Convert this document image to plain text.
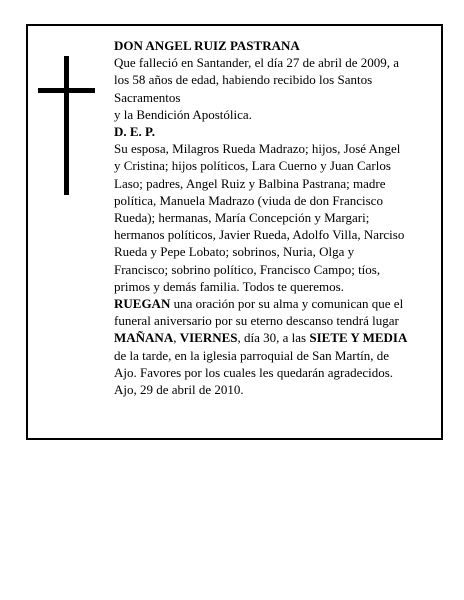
DON ANGEL RUIZ PASTRANA

Que falleció en Santander, el día 27 de abril de 2009, a

los 58 años de edad, habiendo recibido los Santos

Sacramentos

y la Bendición Apostólica.

D. E. P.

Su esposa, Milagros Rueda Madrazo; hijos, José Angel

y Cristina; hijos políticos, Lara Cuerno y Juan Carlos

Laso; padres, Angel Ruiz y Balbina Pastrana; madre

política, Manuela Madrazo (viuda de don Francisco

Rueda); hermanas, María Concepción y Margari;

hermanos políticos, Javier Rueda, Adolfo Villa, Narciso

Rueda y Pepe Lobato; sobrinos, Nuria, Olga y

Francisco; sobrino político, Francisco Campo; tíos,

primos y demás familia. Todos te queremos.

RUEGAN una oración por su alma y comunican que el

funeral aniversario por su eterno descanso tendrá lugar

MAÑANA, VIERNES, día 30, a las SIETE Y MEDIA

de la tarde, en la iglesia parroquial de San Martín, de

Ajo. Favores por los cuales les quedarán agradecidos.

Ajo, 29 de abril de 2010.
